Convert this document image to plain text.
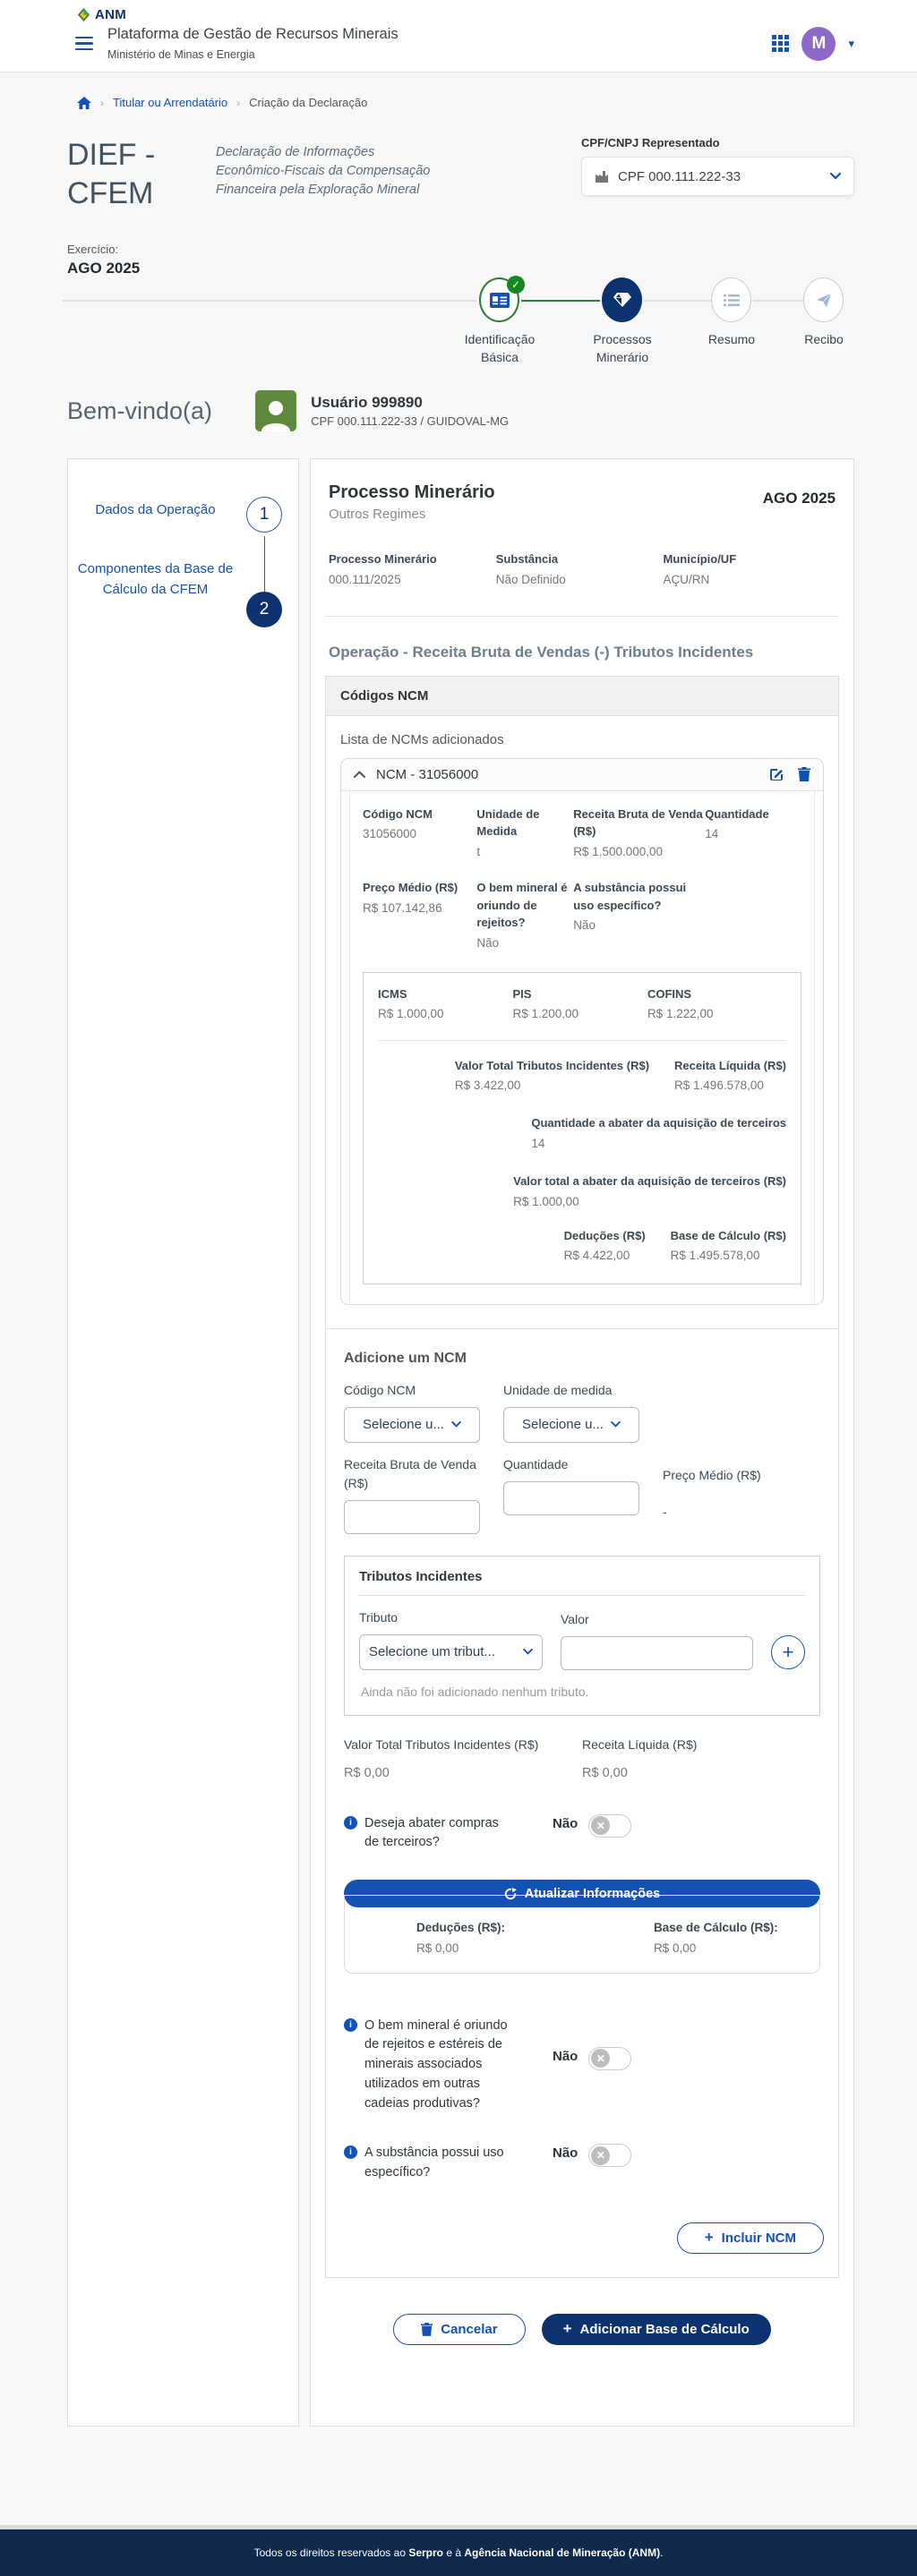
ANM
Plataforma de Gestão de Recursos Minerais
Ministério de Minas e Energia
M	▾
› Titular ou Arrendatário › Criação da Declaração
DIEF - CFEM

Declaração de Informações Econômico-Fiscais da Compensação Financeira pela Exploração Mineral

CPF/CNPJ Representado
CPF 000.111.222-33
Exercício:
AGO 2025
✓
Identificação Básica
Processos Minerário
Resumo	Recibo
Bem-vindo(a)	Usuário 999890
CPF 000.111.222-33 / GUIDOVAL-MG
Dados da Operação	1
Componentes da Base de Cálculo da CFEM
2
Processo Minerário
Outros Regimes
AGO 2025
Processo Minerário
000.111/2025
Substância
Não Definido
Município/UF
AÇU/RN
Operação - Receita Bruta de Vendas (-) Tributos Incidentes
Códigos NCM
Lista de NCMs adicionados
NCM - 31056000
Código NCM
31056000
Unidade de Medida
t
Receita Bruta de Venda (R$)
R$ 1.500.000,00
Quantidade
14
Preço Médio (R$)
R$ 107.142,86
O bem mineral é oriundo de rejeitos?
Não
A substância possui uso específico?
Não
ICMS
R$ 1.000,00
PIS
R$ 1.200,00
COFINS
R$ 1.222,00
Valor Total Tributos Incidentes (R$)
R$ 3.422,00
Receita Líquida (R$)
R$ 1.496.578,00
Quantidade a abater da aquisição de terceiros
14
Valor total a abater da aquisição de terceiros (R$)
R$ 1.000,00
Deduções (R$)
R$ 4.422,00
Base de Cálculo (R$)
R$ 1.495.578,00
Adicione um NCM
Código NCM
Selecione u...
Unidade de medida
Selecione u...
Receita Bruta de Venda (R$)
Quantidade
Preço Médio (R$)
-
Tributos Incidentes
Tributo
Selecione um tribut...
Valor
+
Ainda não foi adicionado nenhum tributo.
Valor Total Tributos Incidentes (R$)
R$ 0,00
Receita Líquida (R$)
R$ 0,00
i Deseja abater compras de terceiros?
Não	✕
Atualizar Informações
Deduções (R$):
R$ 0,00
Base de Cálculo (R$):
R$ 0,00
i O bem mineral é oriundo de rejeitos e estéreis de minerais associados utilizados em outras cadeias produtivas?
Não	✕
i A substância possui uso específico?
Não	✕
+ Incluir NCM
Cancelar	+ Adicionar Base de Cálculo
Todos os direitos reservados ao Serpro e à Agência Nacional de Mineração (ANM).
